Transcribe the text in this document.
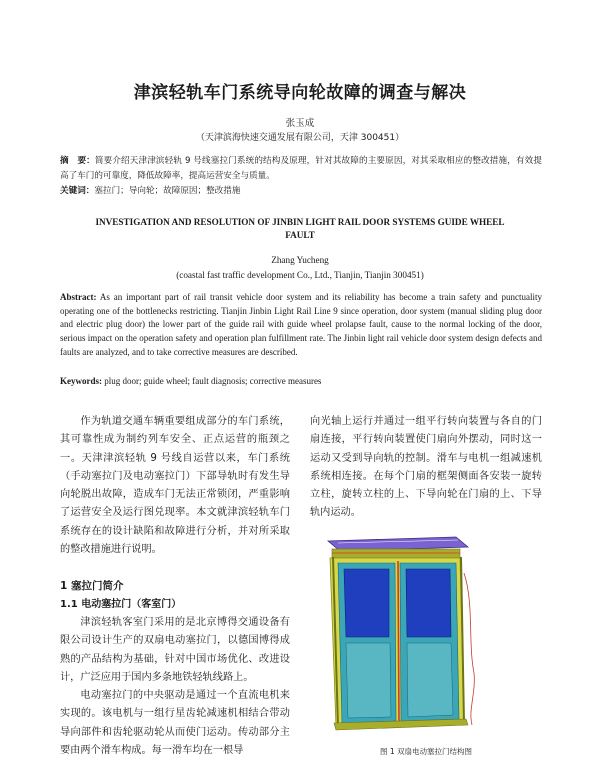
津滨轻轨车门系统导向轮故障的调查与解决
张玉成
（天津滨海快速交通发展有限公司，天津 300451）
摘　要：简要介绍天津津滨轻轨 9 号线塞拉门系统的结构及原理，针对其故障的主要原因，对其采取相应的整改措施，有效提高了车门的可靠度，降低故障率，提高运营安全与质量。
关键词：塞拉门；导向轮；故障原因；整改措施
INVESTIGATION AND RESOLUTION OF JINBIN LIGHT RAIL DOOR SYSTEMS GUIDE WHEEL FAULT
Zhang Yucheng
(coastal fast traffic development Co., Ltd., Tianjin, Tianjin 300451)
Abstract: As an important part of rail transit vehicle door system and its reliability has become a train safety and punctuality operating one of the bottlenecks restricting. Tianjin Jinbin Light Rail Line 9 since operation, door system (manual sliding plug door and electric plug door) the lower part of the guide rail with guide wheel prolapse fault, cause to the normal locking of the door, serious impact on the operation safety and operation plan fulfillment rate. The Jinbin light rail vehicle door system design defects and faults are analyzed, and to take corrective measures are described.
Keywords: plug door; guide wheel; fault diagnosis; corrective measures

作为轨道交通车辆重要组成部分的车门系统，其可靠性成为制约列车安全、正点运营的瓶颈之一。天津津滨轻轨 9 号线自运营以来，车门系统（手动塞拉门及电动塞拉门）下部导轨时有发生导向轮脱出故障，造成车门无法正常锁闭，严重影响了运营安全及运行图兑现率。本文就津滨轻轨车门系统存在的设计缺陷和故障进行分析，并对所采取的整改措施进行说明。

1 塞拉门简介
1.1 电动塞拉门（客室门）

津滨轻轨客室门采用的是北京博得交通设备有限公司设计生产的双扇电动塞拉门，以德国博得成熟的产品结构为基础，针对中国市场优化、改进设计，广泛应用于国内多条地铁轻轨线路上。

电动塞拉门的中央驱动是通过一个直流电机来实现的。该电机与一组行星齿轮减速机相结合带动导向部件和齿轮驱动轮从而使门运动。传动部分主要由两个滑车构成。每一滑车均在一根导

向光轴上运行并通过一组平行转向装置与各自的门扇连接，平行转向装置使门扇向外摆动，同时这一运动又受到导向轨的控制。滑车与电机一组减速机系统相连接。在每个门扇的框架侧面各安装一旋转立柱，旋转立柱的上、下导向轮在门扇的上、下导轨内运动。

图 1 双扇电动塞拉门结构图
